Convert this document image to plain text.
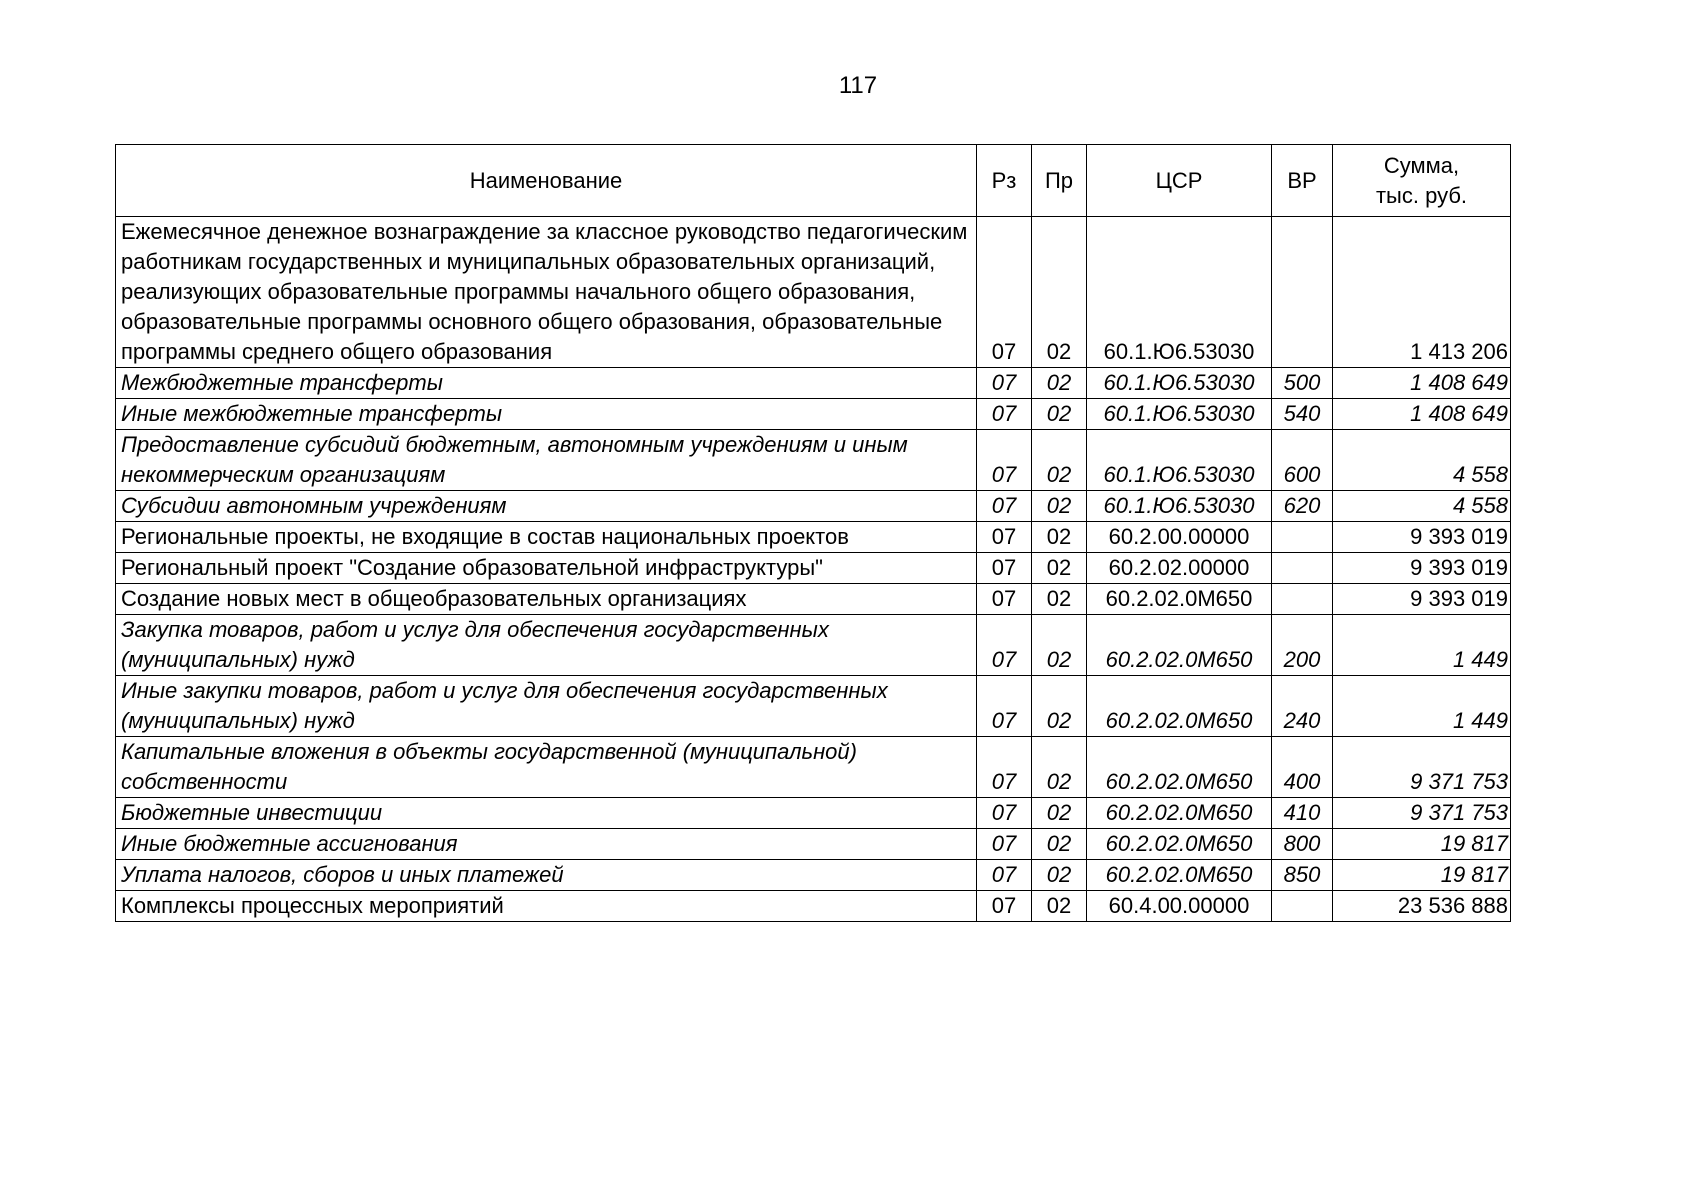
117
Наименование	Рз	Пр	ЦСР	ВР	Сумма,
тыс. руб.

Ежемесячное денежное вознаграждение за классное руководство педагогическим работникам государственных и муниципальных образовательных организаций, реализующих образовательные программы начального общего образования, образовательные программы основного общего образования, образовательные программы среднего общего образования	07	02	60.1.Ю6.53030		1 413 206
Межбюджетные трансферты	07	02	60.1.Ю6.53030	500	1 408 649
Иные межбюджетные трансферты	07	02	60.1.Ю6.53030	540	1 408 649
Предоставление субсидий бюджетным, автономным учреждениям и иным некоммерческим организациям	07	02	60.1.Ю6.53030	600	4 558
Субсидии автономным учреждениям	07	02	60.1.Ю6.53030	620	4 558
Региональные проекты, не входящие в состав национальных проектов	07	02	60.2.00.00000		9 393 019
Региональный проект "Создание образовательной инфраструктуры"	07	02	60.2.02.00000		9 393 019
Создание новых мест в общеобразовательных организациях	07	02	60.2.02.0М650		9 393 019
Закупка товаров, работ и услуг для обеспечения государственных (муниципальных) нужд	07	02	60.2.02.0М650	200	1 449
Иные закупки товаров, работ и услуг для обеспечения государственных (муниципальных) нужд	07	02	60.2.02.0М650	240	1 449
Капитальные вложения в объекты государственной (муниципальной) собственности	07	02	60.2.02.0М650	400	9 371 753
Бюджетные инвестиции	07	02	60.2.02.0М650	410	9 371 753
Иные бюджетные ассигнования	07	02	60.2.02.0М650	800	19 817
Уплата налогов, сборов и иных платежей	07	02	60.2.02.0М650	850	19 817
Комплексы процессных мероприятий	07	02	60.4.00.00000		23 536 888
